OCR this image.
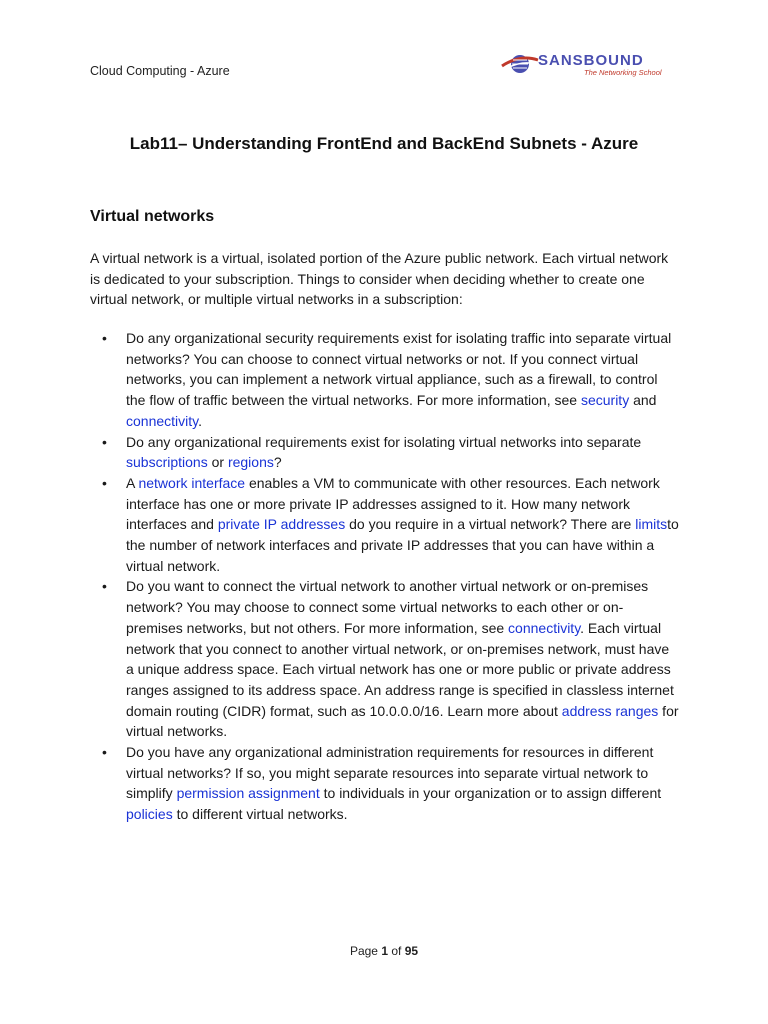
Cloud Computing - Azure
SANSBOUND
The Networking School
Lab11– Understanding FrontEnd and BackEnd Subnets - Azure
Virtual networks

A virtual network is a virtual, isolated portion of the Azure public network. Each virtual network is dedicated to your subscription. Things to consider when deciding whether to create one virtual network, or multiple virtual networks in a subscription:

• Do any organizational security requirements exist for isolating traffic into separate virtual networks? You can choose to connect virtual networks or not. If you connect virtual networks, you can implement a network virtual appliance, such as a firewall, to control the flow of traffic between the virtual networks. For more information, see security and connectivity.
• Do any organizational requirements exist for isolating virtual networks into separate subscriptions or regions?
• A network interface enables a VM to communicate with other resources. Each network interface has one or more private IP addresses assigned to it. How many network interfaces and private IP addresses do you require in a virtual network? There are limitsto the number of network interfaces and private IP addresses that you can have within a virtual network.
• Do you want to connect the virtual network to another virtual network or on-premises network? You may choose to connect some virtual networks to each other or on-premises networks, but not others. For more information, see connectivity. Each virtual network that you connect to another virtual network, or on-premises network, must have a unique address space. Each virtual network has one or more public or private address ranges assigned to its address space. An address range is specified in classless internet domain routing (CIDR) format, such as 10.0.0.0/16. Learn more about address ranges for virtual networks.
• Do you have any organizational administration requirements for resources in different virtual networks? If so, you might separate resources into separate virtual network to simplify permission assignment to individuals in your organization or to assign different policies to different virtual networks.
Page 1 of 95
